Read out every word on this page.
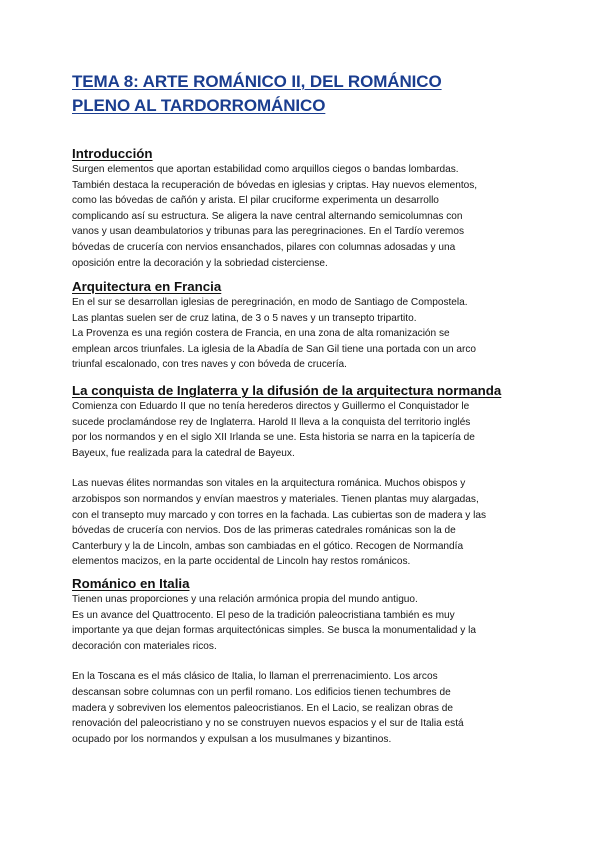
TEMA 8: ARTE ROMÁNICO II, DEL ROMÁNICO
PLENO AL TARDORROMÁNICO
Introducción

Surgen elementos que aportan estabilidad como arquillos ciegos o bandas lombardas.
También destaca la recuperación de bóvedas en iglesias y criptas. Hay nuevos elementos,
como las bóvedas de cañón y arista. El pilar cruciforme experimenta un desarrollo
complicando así su estructura. Se aligera la nave central alternando semicolumnas con
vanos y usan deambulatorios y tribunas para las peregrinaciones. En el Tardío veremos
bóvedas de crucería con nervios ensanchados, pilares con columnas adosadas y una
oposición entre la decoración y la sobriedad cisterciense.

Arquitectura en Francia

En el sur se desarrollan iglesias de peregrinación, en modo de Santiago de Compostela.
Las plantas suelen ser de cruz latina, de 3 o 5 naves y un transepto tripartito.
La Provenza es una región costera de Francia, en una zona de alta romanización se
emplean arcos triunfales. La iglesia de la Abadía de San Gil tiene una portada con un arco
triunfal escalonado, con tres naves y con bóveda de crucería.

La conquista de Inglaterra y la difusión de la arquitectura normanda

Comienza con Eduardo II que no tenía herederos directos y Guillermo el Conquistador le
sucede proclamándose rey de Inglaterra. Harold II lleva a la conquista del territorio inglés
por los normandos y en el siglo XII Irlanda se une. Esta historia se narra en la tapicería de
Bayeux, fue realizada para la catedral de Bayeux.

Las nuevas élites normandas son vitales en la arquitectura románica. Muchos obispos y
arzobispos son normandos y envían maestros y materiales. Tienen plantas muy alargadas,
con el transepto muy marcado y con torres en la fachada. Las cubiertas son de madera y las
bóvedas de crucería con nervios. Dos de las primeras catedrales románicas son la de
Canterbury y la de Lincoln, ambas son cambiadas en el gótico. Recogen de Normandía
elementos macizos, en la parte occidental de Lincoln hay restos románicos.

Románico en Italia

Tienen unas proporciones y una relación armónica propia del mundo antiguo.
Es un avance del Quattrocento. El peso de la tradición paleocristiana también es muy
importante ya que dejan formas arquitectónicas simples. Se busca la monumentalidad y la
decoración con materiales ricos.

En la Toscana es el más clásico de Italia, lo llaman el prerrenacimiento. Los arcos
descansan sobre columnas con un perfil romano. Los edificios tienen techumbres de
madera y sobreviven los elementos paleocristianos. En el Lacio, se realizan obras de
renovación del paleocristiano y no se construyen nuevos espacios y el sur de Italia está
ocupado por los normandos y expulsan a los musulmanes y bizantinos.
